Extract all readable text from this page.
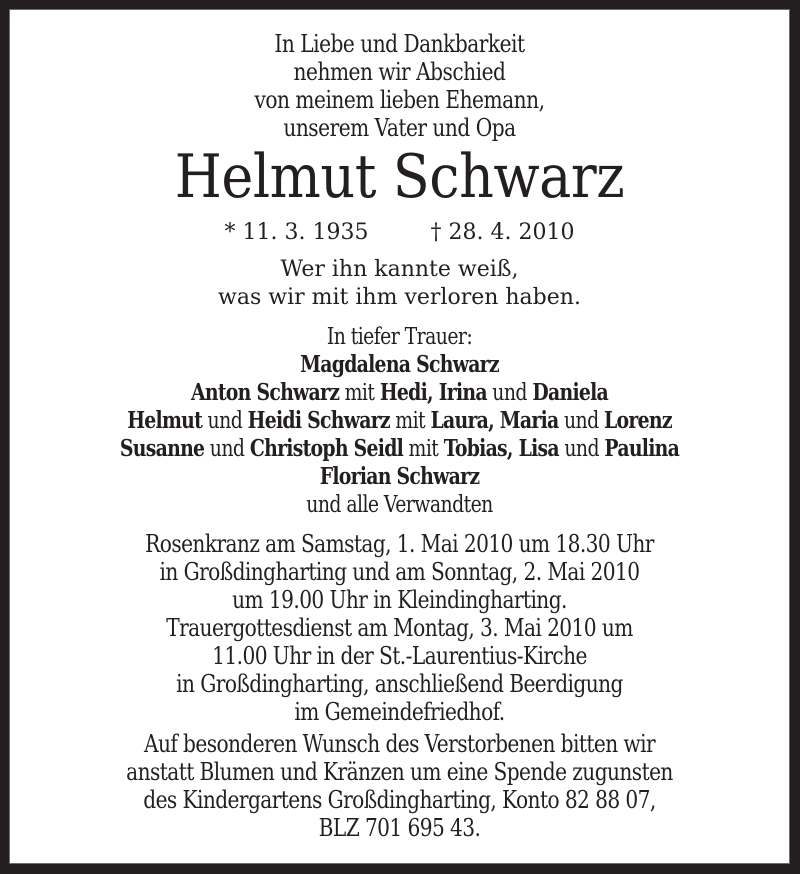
In Liebe und Dankbarkeit
nehmen wir Abschied
von meinem lieben Ehemann,
unserem Vater und Opa
Helmut Schwarz
* 11. 3. 1935	† 28. 4. 2010
Wer ihn kannte weiß,
was wir mit ihm verloren haben.
In tiefer Trauer:
Magdalena Schwarz
Anton Schwarz mit Hedi, Irina und Daniela
Helmut und Heidi Schwarz mit Laura, Maria und Lorenz
Susanne und Christoph Seidl mit Tobias, Lisa und Paulina
Florian Schwarz
und alle Verwandten
Rosenkranz am Samstag, 1. Mai 2010 um 18.30 Uhr
in Großdingharting und am Sonntag, 2. Mai 2010
um 19.00 Uhr in Kleindingharting.
Trauergottesdienst am Montag, 3. Mai 2010 um
11.00 Uhr in der St.-Laurentius-Kirche
in Großdingharting, anschließend Beerdigung
im Gemeindefriedhof.
Auf besonderen Wunsch des Verstorbenen bitten wir
anstatt Blumen und Kränzen um eine Spende zugunsten
des Kindergartens Großdingharting, Konto 82 88 07,
BLZ 701 695 43.
